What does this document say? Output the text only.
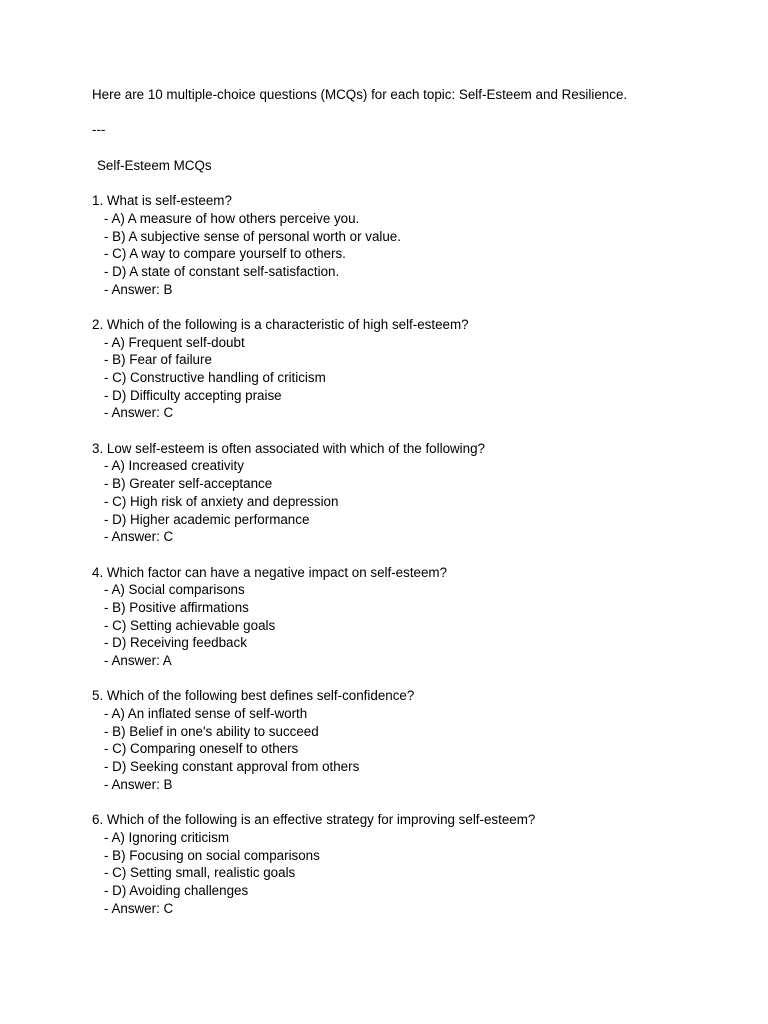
Here are 10 multiple-choice questions (MCQs) for each topic: Self-Esteem and Resilience.
---
Self-Esteem MCQs
1. What is self-esteem?
- A) A measure of how others perceive you.
- B) A subjective sense of personal worth or value.
- C) A way to compare yourself to others.
- D) A state of constant self-satisfaction.
- Answer: B
2. Which of the following is a characteristic of high self-esteem?
- A) Frequent self-doubt
- B) Fear of failure
- C) Constructive handling of criticism
- D) Difficulty accepting praise
- Answer: C
3. Low self-esteem is often associated with which of the following?
- A) Increased creativity
- B) Greater self-acceptance
- C) High risk of anxiety and depression
- D) Higher academic performance
- Answer: C
4. Which factor can have a negative impact on self-esteem?
- A) Social comparisons
- B) Positive affirmations
- C) Setting achievable goals
- D) Receiving feedback
- Answer: A
5. Which of the following best defines self-confidence?
- A) An inflated sense of self-worth
- B) Belief in one's ability to succeed
- C) Comparing oneself to others
- D) Seeking constant approval from others
- Answer: B
6. Which of the following is an effective strategy for improving self-esteem?
- A) Ignoring criticism
- B) Focusing on social comparisons
- C) Setting small, realistic goals
- D) Avoiding challenges
- Answer: C
